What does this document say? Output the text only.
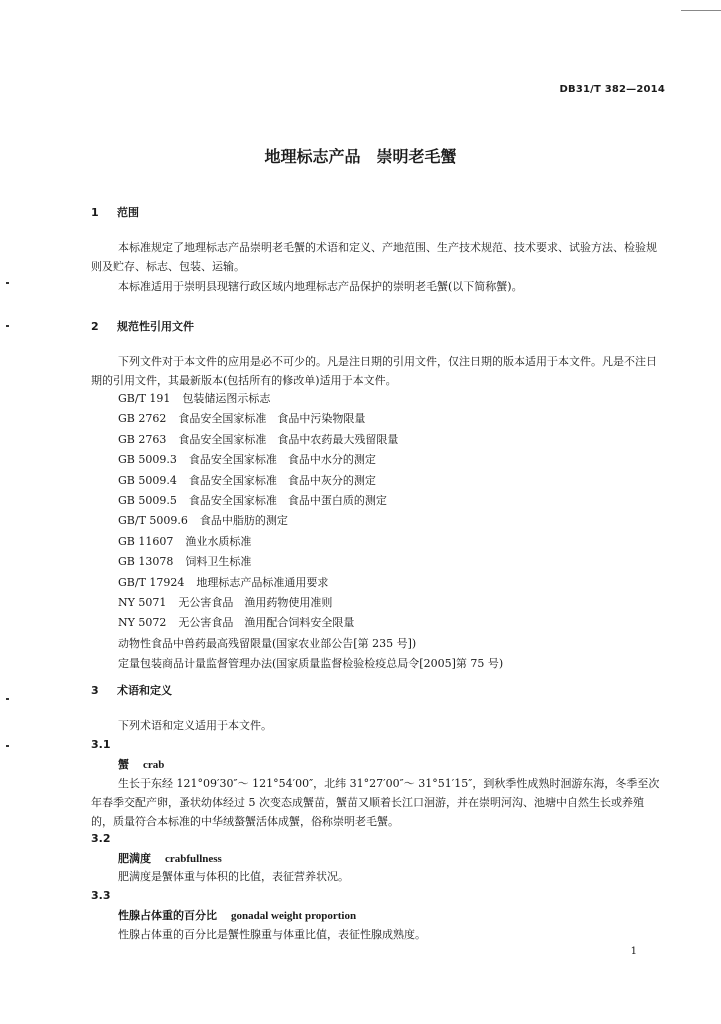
DB31/T 382—2014
地理标志产品　崇明老毛蟹
1 范围
本标准规定了地理标志产品崇明老毛蟹的术语和定义、产地范围、生产技术规范、技术要求、试验方法、检验规则及贮存、标志、包装、运输。
本标准适用于崇明县现辖行政区域内地理标志产品保护的崇明老毛蟹(以下简称蟹)。
2 规范性引用文件
下列文件对于本文件的应用是必不可少的。凡是注日期的引用文件，仅注日期的版本适用于本文件。凡是不注日期的引用文件，其最新版本(包括所有的修改单)适用于本文件。
GB/T 191 包装储运图示标志
GB 2762 食品安全国家标准　食品中污染物限量
GB 2763 食品安全国家标准　食品中农药最大残留限量
GB 5009.3 食品安全国家标准　食品中水分的测定
GB 5009.4 食品安全国家标准　食品中灰分的测定
GB 5009.5 食品安全国家标准　食品中蛋白质的测定
GB/T 5009.6 食品中脂肪的测定
GB 11607 渔业水质标准
GB 13078 饲料卫生标准
GB/T 17924 地理标志产品标准通用要求
NY 5071 无公害食品　渔用药物使用准则
NY 5072 无公害食品　渔用配合饲料安全限量
动物性食品中兽药最高残留限量(国家农业部公告[第 235 号])
定量包装商品计量监督管理办法(国家质量监督检验检疫总局令[2005]第 75 号)
3 术语和定义
下列术语和定义适用于本文件。
3.1
蟹 crab
生长于东经 121°09′30″～ 121°54′00″，北纬 31°27′00″～ 31°51′15″，到秋季性成熟时洄游东海，冬季至次年春季交配产卵，蚤状幼体经过 5 次变态成蟹苗，蟹苗又顺着长江口洄游，并在崇明河沟、池塘中自然生长或养殖的，质量符合本标准的中华绒螯蟹活体成蟹，俗称崇明老毛蟹。
3.2
肥满度 crabfullness
肥满度是蟹体重与体积的比值，表征营养状况。
3.3
性腺占体重的百分比 gonadal weight proportion
性腺占体重的百分比是蟹性腺重与体重比值，表征性腺成熟度。
1
